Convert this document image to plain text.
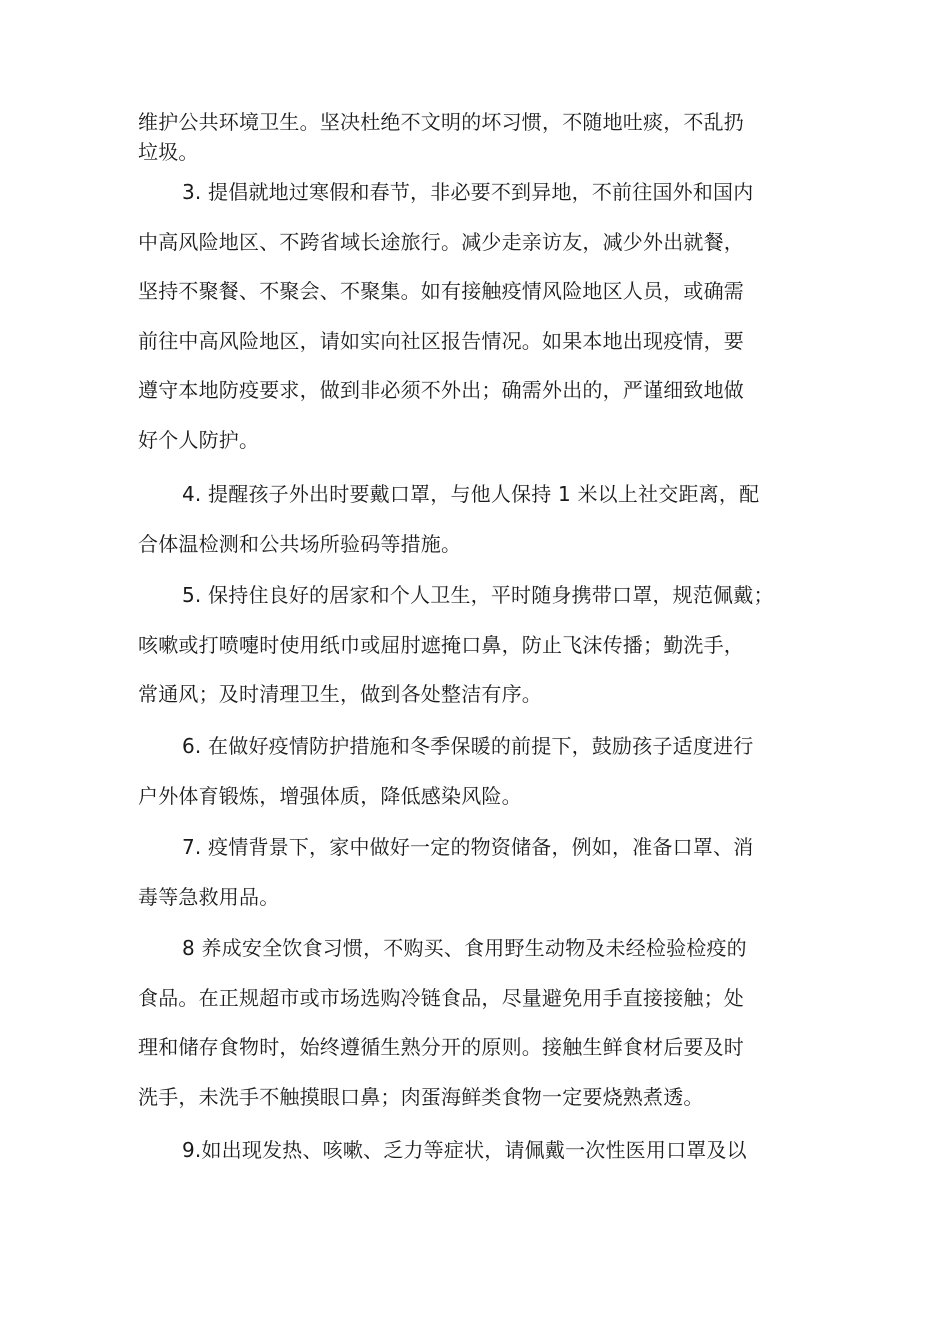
维护公共环境卫生。坚决杜绝不文明的坏习惯，不随地吐痰，不乱扔
垃圾。
3. 提倡就地过寒假和春节，非必要不到异地，不前往国外和国内
中高风险地区、不跨省域长途旅行。减少走亲访友，减少外出就餐，
坚持不聚餐、不聚会、不聚集。如有接触疫情风险地区人员，或确需
前往中高风险地区，请如实向社区报告情况。如果本地出现疫情，要
遵守本地防疫要求，做到非必须不外出；确需外出的，严谨细致地做
好个人防护。
4. 提醒孩子外出时要戴口罩，与他人保持 1 米以上社交距离，配
合体温检测和公共场所验码等措施。
5. 保持住良好的居家和个人卫生，平时随身携带口罩，规范佩戴；
咳嗽或打喷嚏时使用纸巾或屈肘遮掩口鼻，防止飞沫传播；勤洗手，
常通风；及时清理卫生，做到各处整洁有序。
6. 在做好疫情防护措施和冬季保暖的前提下，鼓励孩子适度进行
户外体育锻炼，增强体质，降低感染风险。
7. 疫情背景下，家中做好一定的物资储备，例如，准备口罩、消
毒等急救用品。
8 养成安全饮食习惯，不购买、食用野生动物及未经检验检疫的
食品。在正规超市或市场选购冷链食品，尽量避免用手直接接触；处
理和储存食物时，始终遵循生熟分开的原则。接触生鲜食材后要及时
洗手，未洗手不触摸眼口鼻；肉蛋海鲜类食物一定要烧熟煮透。
9.如出现发热、咳嗽、乏力等症状，请佩戴一次性医用口罩及以
